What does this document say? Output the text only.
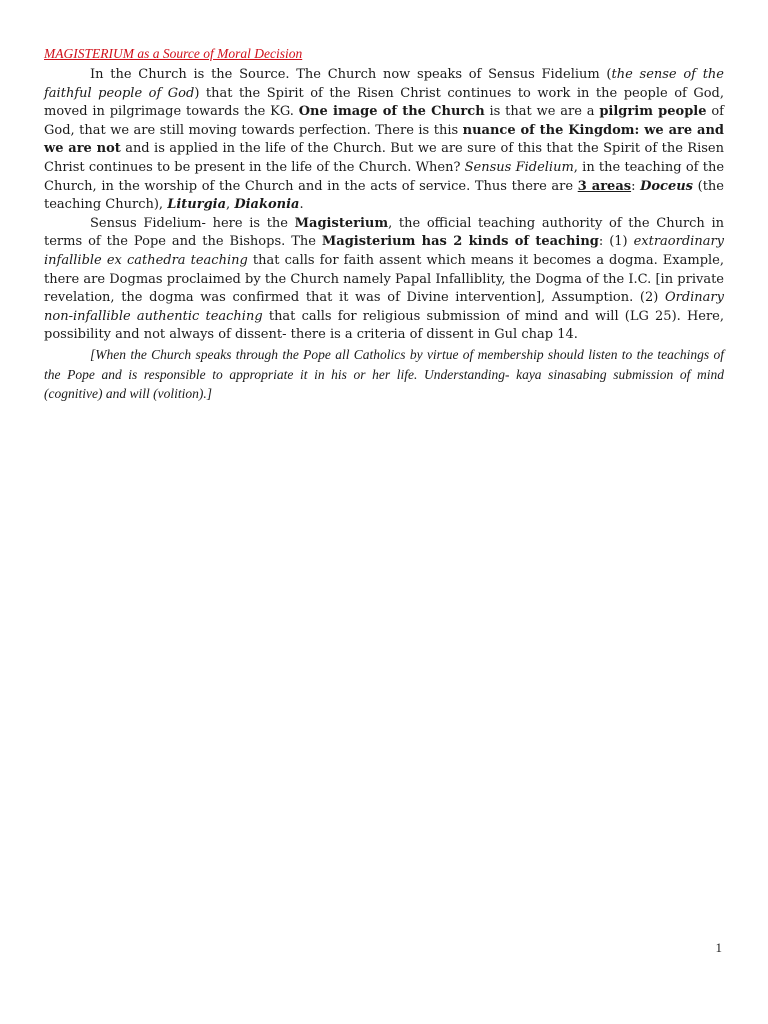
MAGISTERIUM as a Source of Moral Decision

In the Church is the Source. The Church now speaks of Sensus Fidelium (the sense of the faithful people of God) that the Spirit of the Risen Christ continues to work in the people of God, moved in pilgrimage towards the KG. One image of the Church is that we are a pilgrim people of God, that we are still moving towards perfection. There is this nuance of the Kingdom: we are and we are not and is applied in the life of the Church. But we are sure of this that the Spirit of the Risen Christ continues to be present in the life of the Church. When? Sensus Fidelium, in the teaching of the Church, in the worship of the Church and in the acts of service. Thus there are 3 areas: Doceus (the teaching Church), Liturgia, Diakonia.

Sensus Fidelium- here is the Magisterium, the official teaching authority of the Church in terms of the Pope and the Bishops. The Magisterium has 2 kinds of teaching: (1) extraordinary infallible ex cathedra teaching that calls for faith assent which means it becomes a dogma. Example, there are Dogmas proclaimed by the Church namely Papal Infalliblity, the Dogma of the I.C. [in private revelation, the dogma was confirmed that it was of Divine intervention], Assumption. (2) Ordinary non-infallible authentic teaching that calls for religious submission of mind and will (LG 25). Here, possibility and not always of dissent- there is a criteria of dissent in Gul chap 14.

[When the Church speaks through the Pope all Catholics by virtue of membership should listen to the teachings of the Pope and is responsible to appropriate it in his or her life. Understanding- kaya sinasabing submission of mind (cognitive) and will (volition).]

1
